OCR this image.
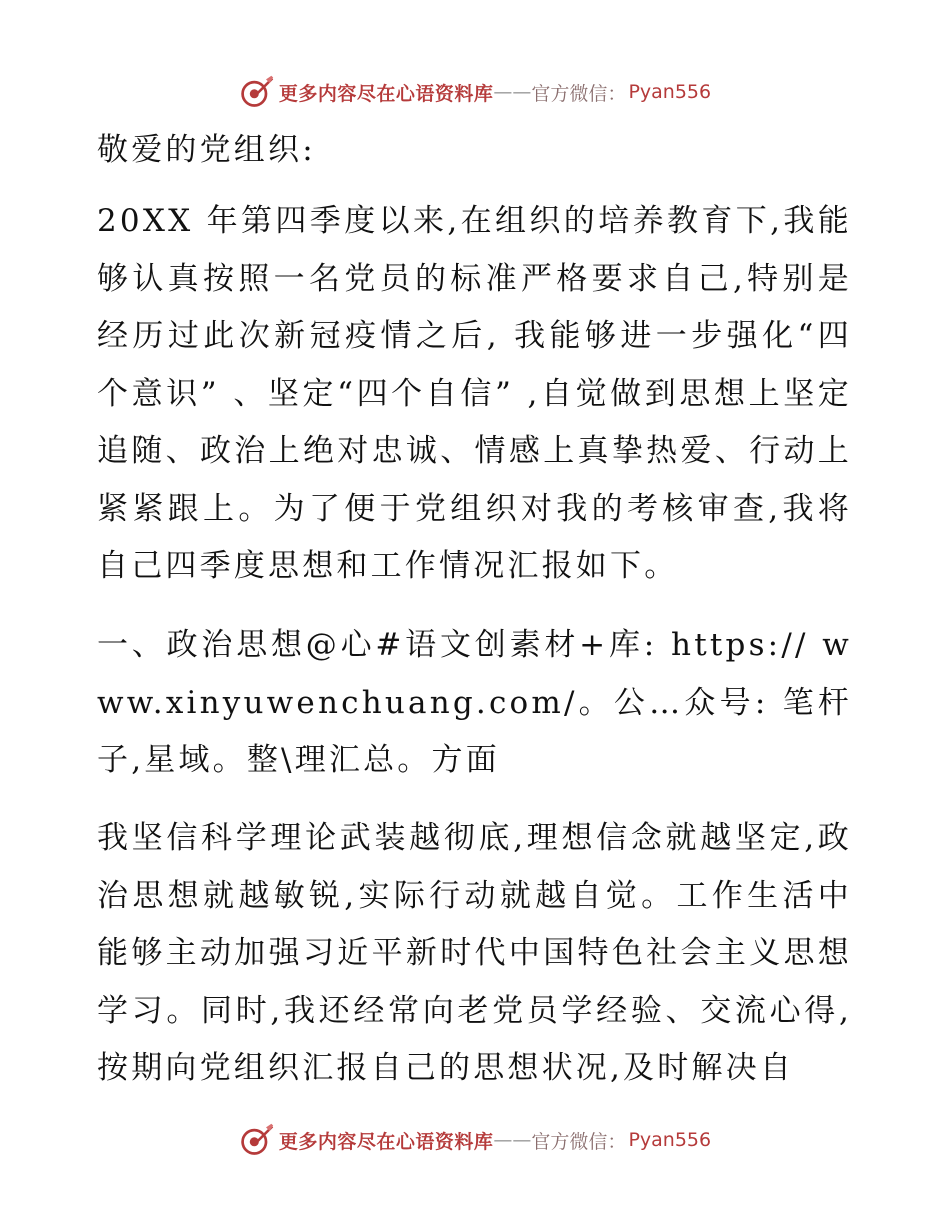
更多内容尽在心语资料库 —— 官方微信： Pyan556

敬爱的党组织:

20XX 年第四季度以来,在组织的培养教育下,我能够认真按照一名党员的标准严格要求自己,特别是经历过此次新冠疫情之后, 我能够进一步强化“四个意识” 、坚定“四个自信” ,自觉做到思想上坚定追随、政治上绝对忠诚、情感上真挚热爱、行动上紧紧跟上。为了便于党组织对我的考核审查,我将自己四季度思想和工作情况汇报如下。

一、政治思想@心#语文创素材+库: https:// www.xinyuwenchuang.com/。公…众号: 笔杆子,星域。整\理汇总。方面

我坚信科学理论武装越彻底,理想信念就越坚定,政治思想就越敏锐,实际行动就越自觉。工作生活中能够主动加强习近平新时代中国特色社会主义思想学习。同时,我还经常向老党员学经验、交流心得,按期向党组织汇报自己的思想状况,及时解决自

更多内容尽在心语资料库 —— 官方微信： Pyan556
